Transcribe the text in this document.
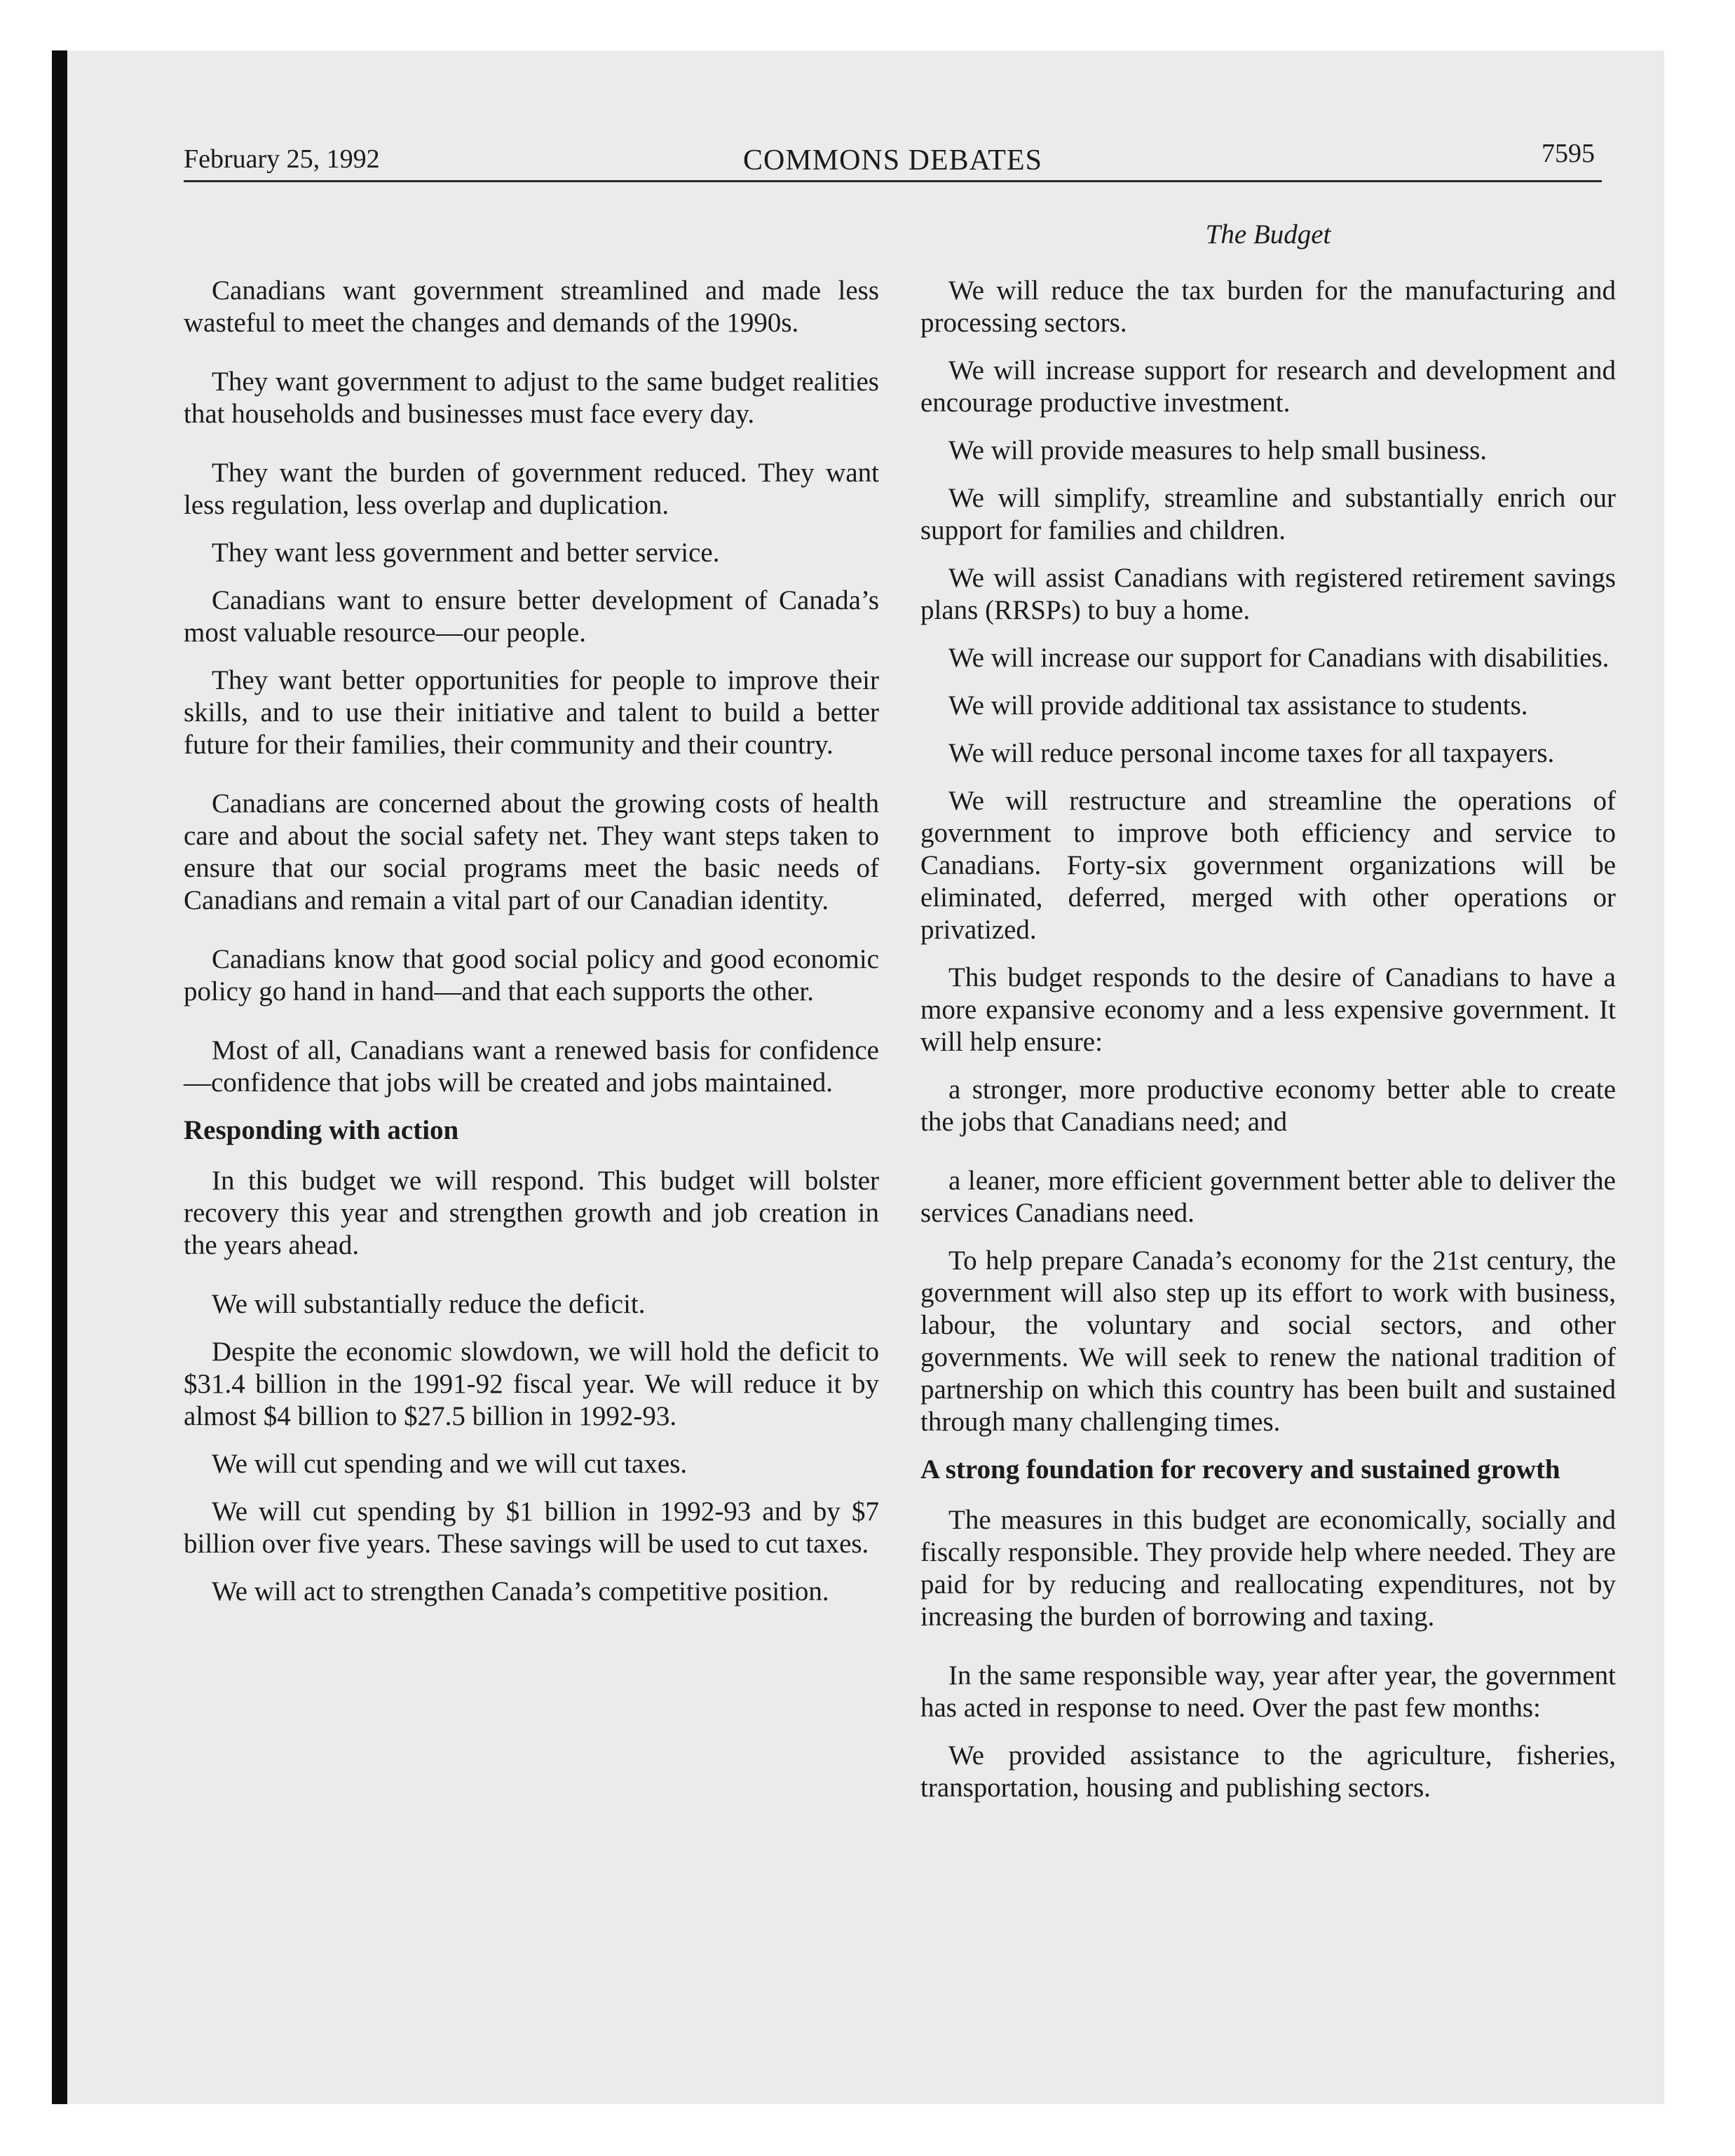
February 25, 1992	COMMONS DEBATES	7595
The Budget

Canadians want government streamlined and made less wasteful to meet the changes and demands of the 1990s.

They want government to adjust to the same budget realities that households and businesses must face every day.

They want the burden of government reduced. They want less regulation, less overlap and duplication.

They want less government and better service.

Canadians want to ensure better development of Canada’s most valuable resource—our people.

They want better opportunities for people to improve their skills, and to use their initiative and talent to build a better future for their families, their community and their country.

Canadians are concerned about the growing costs of health care and about the social safety net. They want steps taken to ensure that our social programs meet the basic needs of Canadians and remain a vital part of our Canadian identity.

Canadians know that good social policy and good economic policy go hand in hand—and that each supports the other.

Most of all, Canadians want a renewed basis for confidence —confidence that jobs will be created and jobs maintained.

Responding with action

In this budget we will respond. This budget will bolster recovery this year and strengthen growth and job creation in the years ahead.

We will substantially reduce the deficit.

Despite the economic slowdown, we will hold the deficit to $31.4 billion in the 1991-92 fiscal year. We will reduce it by almost $4 billion to $27.5 billion in 1992-93.

We will cut spending and we will cut taxes.

We will cut spending by $1 billion in 1992-93 and by $7 billion over five years. These savings will be used to cut taxes.

We will act to strengthen Canada’s competitive position.

We will reduce the tax burden for the manufacturing and processing sectors.

We will increase support for research and development and encourage productive investment.

We will provide measures to help small business.

We will simplify, streamline and substantially enrich our support for families and children.

We will assist Canadians with registered retirement savings plans (RRSPs) to buy a home.

We will increase our support for Canadians with disabilities.

We will provide additional tax assistance to students.

We will reduce personal income taxes for all taxpayers.

We will restructure and streamline the operations of government to improve both efficiency and service to Canadians. Forty-six government organizations will be eliminated, deferred, merged with other operations or privatized.

This budget responds to the desire of Canadians to have a more expansive economy and a less expensive government. It will help ensure:

a stronger, more productive economy better able to create the jobs that Canadians need; and

a leaner, more efficient government better able to deliver the services Canadians need.

To help prepare Canada’s economy for the 21st century, the government will also step up its effort to work with business, labour, the voluntary and social sectors, and other governments. We will seek to renew the national tradition of partnership on which this country has been built and sustained through many challenging times.

A strong foundation for recovery and sustained growth

The measures in this budget are economically, socially and fiscally responsible. They provide help where needed. They are paid for by reducing and reallocating expenditures, not by increasing the burden of borrowing and taxing.

In the same responsible way, year after year, the government has acted in response to need. Over the past few months:

We provided assistance to the agriculture, fisheries, transportation, housing and publishing sectors.
